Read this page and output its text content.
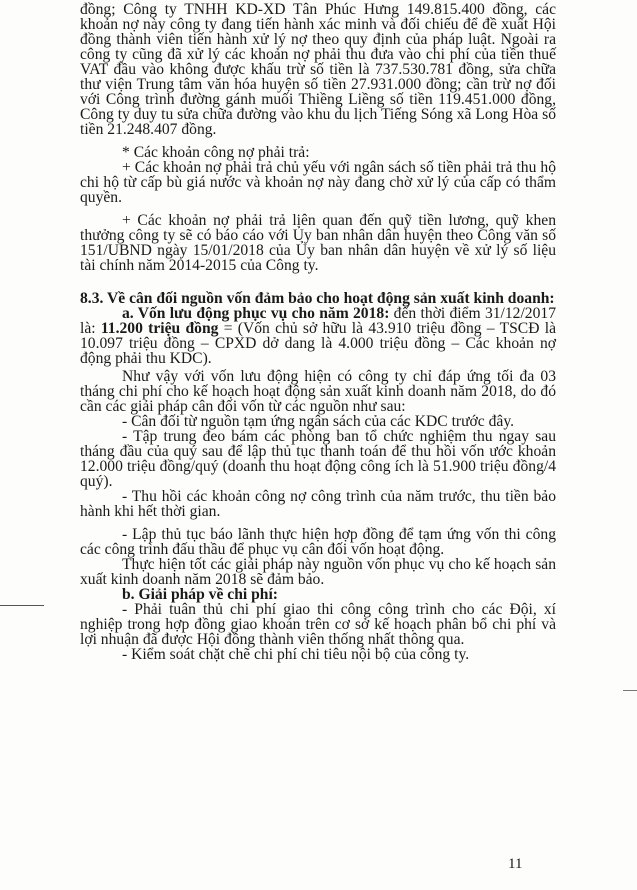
đồng; Công ty TNHH KD-XD Tân Phúc Hưng 149.815.400 đồng, các khoản nợ này công ty đang tiến hành xác minh và đối chiếu để đề xuất Hội đồng thành viên tiến hành xử lý nợ theo quy định của pháp luật. Ngoài ra công ty cũng đã xử lý các khoản nợ phải thu đưa vào chi phí của tiền thuế VAT đầu vào không được khấu trừ số tiền là 737.530.781 đồng, sửa chữa thư viện Trung tâm văn hóa huyện số tiền 27.931.000 đồng; cần trừ nợ đối với Công trình đường gánh muối Thiềng Liềng số tiền 119.451.000 đồng, Công ty duy tu sửa chữa đường vào khu du lịch Tiếng Sóng xã Long Hòa số tiền 21.248.407 đồng.

* Các khoản công nợ phải trả:

+ Các khoản nợ phải trả chủ yếu với ngân sách số tiền phải trả thu hộ chi hộ từ cấp bù giá nước và khoản nợ này đang chờ xử lý của cấp có thẩm quyền.

+ Các khoản nợ phải trả liên quan đến quỹ tiền lương, quỹ khen thưởng công ty sẽ có báo cáo với Ủy ban nhân dân huyện theo Công văn số 151/UBND ngày 15/01/2018 của Ủy ban nhân dân huyện về xử lý số liệu tài chính năm 2014-2015 của Công ty.

8.3. Về cân đối nguồn vốn đảm bảo cho hoạt động sản xuất kinh doanh:

a. Vốn lưu động phục vụ cho năm 2018: đến thời điểm 31/12/2017 là: 11.200 triệu đồng = (Vốn chủ sở hữu là 43.910 triệu đồng – TSCĐ là 10.097 triệu đồng – CPXD dở dang là 4.000 triệu đồng – Các khoản nợ động phải thu KDC).

Như vậy với vốn lưu động hiện có công ty chỉ đáp ứng tối đa 03 tháng chi phí cho kế hoạch hoạt động sản xuất kinh doanh năm 2018, do đó cần các giải pháp cân đối vốn từ các nguồn như sau:

- Cân đối từ nguồn tạm ứng ngân sách của các KDC trước đây.

- Tập trung đeo bám các phòng ban tổ chức nghiệm thu ngay sau tháng đầu của quý sau để lập thủ tục thanh toán để thu hồi vốn ước khoản 12.000 triệu đồng/quý (doanh thu hoạt động công ích là 51.900 triệu đồng/4 quý).

- Thu hồi các khoản công nợ công trình của năm trước, thu tiền bảo hành khi hết thời gian.

- Lập thủ tục báo lãnh thực hiện hợp đồng để tạm ứng vốn thi công các công trình đấu thầu để phục vụ cân đối vốn hoạt động.

Thực hiện tốt các giải pháp này nguồn vốn phục vụ cho kế hoạch sản xuất kinh doanh năm 2018 sẽ đảm bảo.

b. Giải pháp về chi phí:

- Phải tuân thủ chi phí giao thi công công trình cho các Đội, xí nghiệp trong hợp đồng giao khoán trên cơ sở kế hoạch phân bổ chi phí và lợi nhuận đã được Hội đồng thành viên thống nhất thông qua.

- Kiểm soát chặt chẽ chi phí chi tiêu nội bộ của công ty.

11
